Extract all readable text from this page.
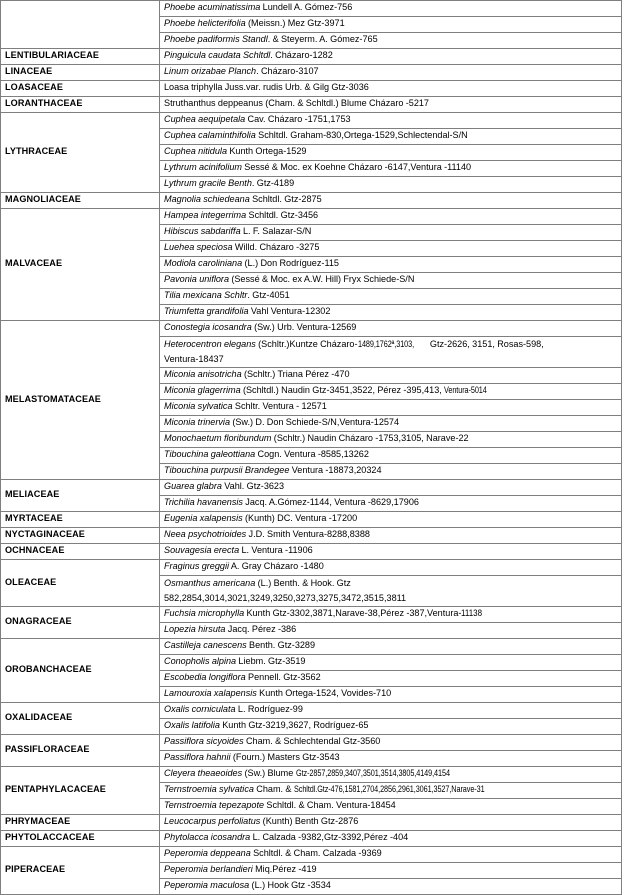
	Phoebe acuminatissima Lundell A. Gómez-756
	Phoebe helicterifolia (Meissn.) Mez Gtz-3971
	Phoebe padiformis Standl. & Steyerm. A. Gómez-765
LENTIBULARIACEAE	Pinguicula caudata Schltdl. Cházaro-1282
LINACEAE	Linum orizabae Planch. Cházaro-3107
LOASACEAE	Loasa triphylla Juss.var. rudis Urb. & Gilg Gtz-3036
LORANTHACEAE	Struthanthus deppeanus (Cham. & Schltdl.) Blume Cházaro -5217
LYTHRACEAE	Cuphea aequipetala Cav. Cházaro -1751,1753
	Cuphea calaminthifolia Schltdl. Graham-830,Ortega-1529,Schlectendal-S/N
	Cuphea nitidula Kunth Ortega-1529
	Lythrum acinifolium Sessé & Moc. ex Koehne Cházaro -6147,Ventura -11140
	Lythrum gracile Benth. Gtz-4189
MAGNOLIACEAE	Magnolia schiedeana Schltdl. Gtz-2875
MALVACEAE	Hampea integerrima Schltdl. Gtz-3456
	Hibiscus sabdariffa L. F. Salazar-S/N
	Luehea speciosa Willd. Cházaro -3275
	Modiola caroliniana (L.) Don Rodríguez-115
	Pavonia uniflora (Sessé & Moc. ex A.W. Hill) Fryx Schiede-S/N
	Tilia mexicana Schltr. Gtz-4051
	Triumfetta grandifolia Vahl Ventura-12302
MELASTOMATACEAE	Conostegia icosandra (Sw.) Urb. Ventura-12569
	Heterocentron elegans (Schltr.)Kuntze Cházaro-1489,1762ª,3103, Gtz-2626, 3151, Rosas-598,
Ventura-18437
	Miconia anisotricha (Schltr.) Triana Pérez -470
	Miconia glagerrima (Schltdl.) Naudin Gtz-3451,3522, Pérez -395,413, Ventura-5014
	Miconia sylvatica Schltr. Ventura - 12571
	Miconia trinervia (Sw.) D. Don Schiede-S/N,Ventura-12574
	Monochaetum floribundum (Schltr.) Naudin Cházaro -1753,3105, Narave-22
	Tibouchina galeottiana Cogn. Ventura -8585,13262
	Tibouchina purpusii Brandegee Ventura -18873,20324
MELIACEAE	Guarea glabra Vahl. Gtz-3623
	Trichilia havanensis Jacq. A.Gómez-1144, Ventura -8629,17906
MYRTACEAE	Eugenia xalapensis (Kunth) DC. Ventura -17200
NYCTAGINACEAE	Neea psychotrioides J.D. Smith Ventura-8288,8388
OCHNACEAE	Souvagesia erecta L. Ventura -11906
OLEACEAE	Fraginus greggii A. Gray Cházaro -1480
	Osmanthus americana (L.) Benth. & Hook. Gtz
582,2854,3014,3021,3249,3250,3273,3275,3472,3515,3811
ONAGRACEAE	Fuchsia microphylla Kunth Gtz-3302,3871,Narave-38,Pérez -387,Ventura-11138
	Lopezia hirsuta Jacq. Pérez -386
OROBANCHACEAE	Castilleja canescens Benth. Gtz-3289
	Conopholis alpina Liebm. Gtz-3519
	Escobedia longiflora Pennell. Gtz-3562
	Lamouroxia xalapensis Kunth Ortega-1524, Vovides-710
OXALIDACEAE	Oxalis corniculata L. Rodríguez-99
	Oxalis latifolia Kunth Gtz-3219,3627, Rodríguez-65
PASSIFLORACEAE	Passiflora sicyoides Cham. & Schlechtendal Gtz-3560
	Passiflora hahnii (Fourn.) Masters Gtz-3543
PENTAPHYLACACEAE	Cleyera theaeoides (Sw.) Blume Gtz-2857,2859,3407,3501,3514,3805,4149,4154
	Ternstroemia sylvatica Cham. & Schltdl.Gtz-476,1581,2704,2856,2961,3061,3527,Narave-31
	Ternstroemia tepezapote Schltdl. & Cham. Ventura-18454
PHRYMACEAE	Leucocarpus perfoliatus (Kunth) Benth Gtz-2876
PHYTOLACCACEAE	Phytolacca icosandra L. Calzada -9382,Gtz-3392,Pérez -404
PIPERACEAE	Peperomia deppeana Schltdl. & Cham. Calzada -9369
	Peperomia berlandieri Miq.Pérez -419
	Peperomia maculosa (L.) Hook Gtz -3534
